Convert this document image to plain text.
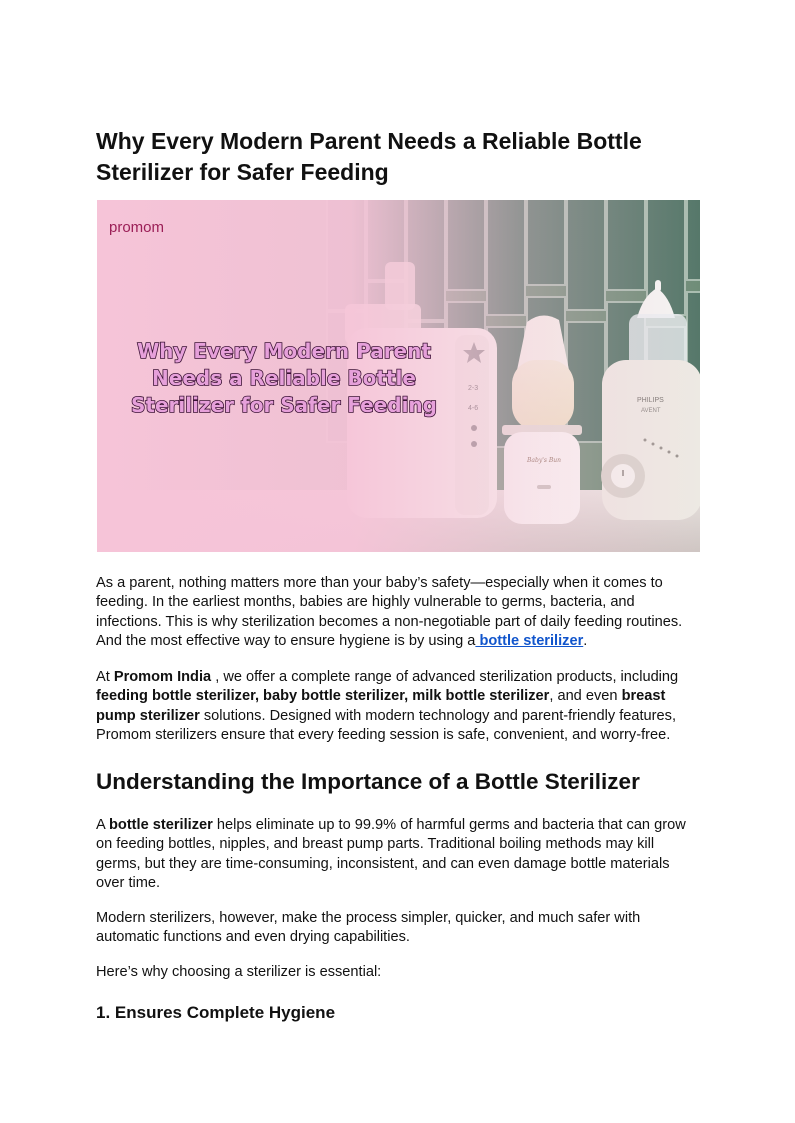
Why Every Modern Parent Needs a Reliable Bottle Sterilizer for Safer Feeding
promom
Why Every Modern Parent
Needs a Reliable Bottle
Sterilizer for Safer Feeding

As a parent, nothing matters more than your baby’s safety—especially when it comes to feeding. In the earliest months, babies are highly vulnerable to germs, bacteria, and infections. This is why sterilization becomes a non-negotiable part of daily feeding routines. And the most effective way to ensure hygiene is by using a bottle sterilizer.

At Promom India , we offer a complete range of advanced sterilization products, including feeding bottle sterilizer, baby bottle sterilizer, milk bottle sterilizer, and even breast pump sterilizer solutions. Designed with modern technology and parent-friendly features, Promom sterilizers ensure that every feeding session is safe, convenient, and worry-free.

Understanding the Importance of a Bottle Sterilizer

A bottle sterilizer helps eliminate up to 99.9% of harmful germs and bacteria that can grow on feeding bottles, nipples, and breast pump parts. Traditional boiling methods may kill germs, but they are time-consuming, inconsistent, and can even damage bottle materials over time.

Modern sterilizers, however, make the process simpler, quicker, and much safer with automatic functions and even drying capabilities.

Here’s why choosing a sterilizer is essential:

1. Ensures Complete Hygiene
